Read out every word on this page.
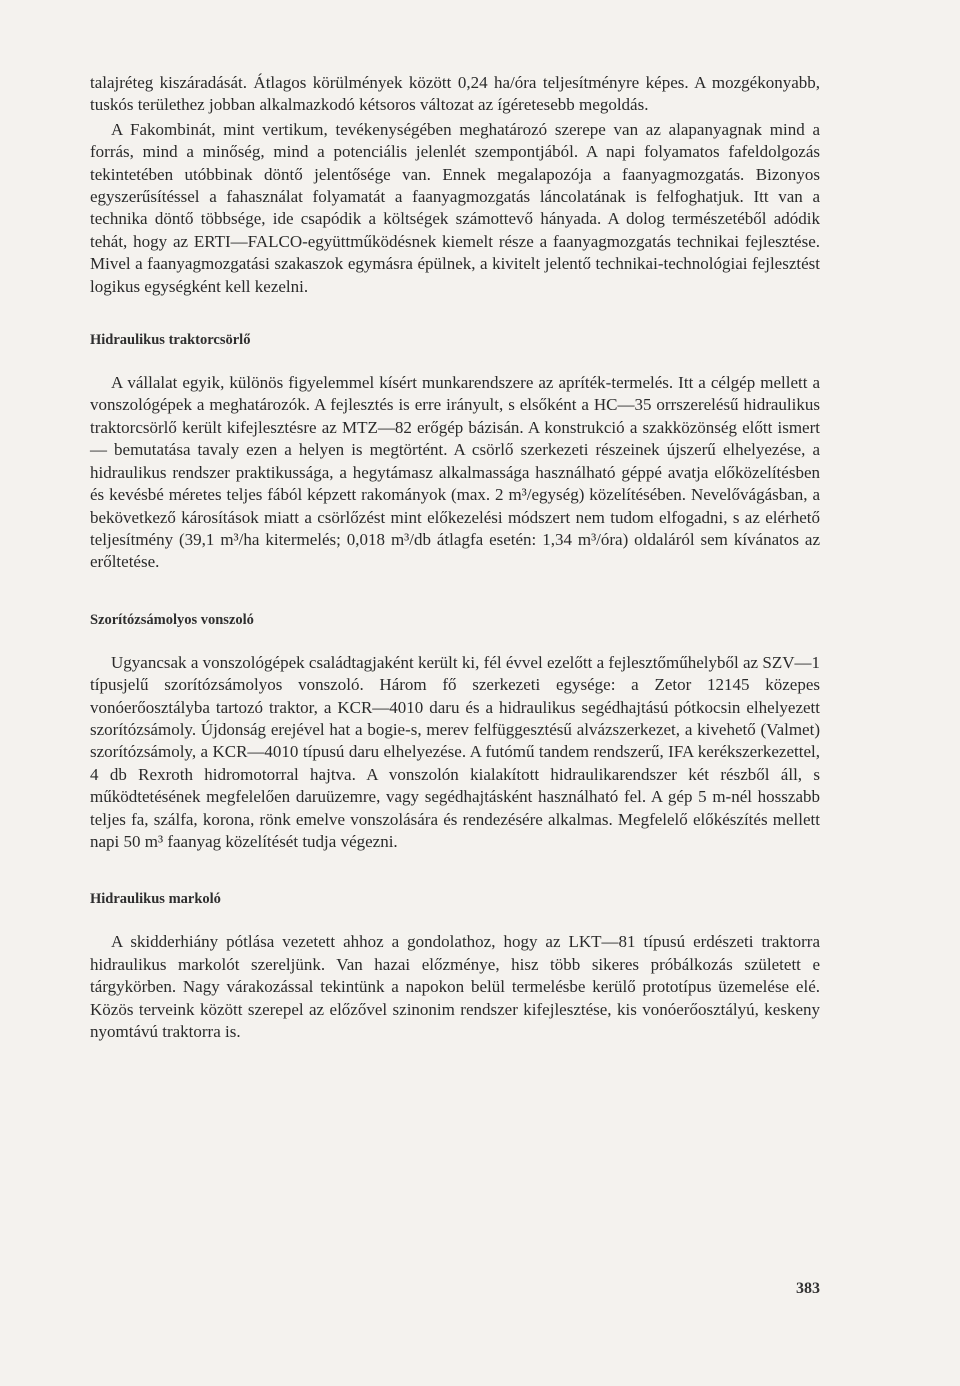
talajréteg kiszáradását. Átlagos körülmények között 0,24 ha/óra teljesítményre képes. A mozgékonyabb, tuskós területhez jobban alkalmazkodó kétsoros változat az ígéretesebb megoldás.

A Fakombinát, mint vertikum, tevékenységében meghatározó szerepe van az alapanyagnak mind a forrás, mind a minőség, mind a potenciális jelenlét szempontjából. A napi folyamatos fafeldolgozás tekintetében utóbbinak döntő jelentősége van. Ennek megalapozója a faanyagmozgatás. Bizonyos egyszerűsítéssel a fahasználat folyamatát a faanyagmozgatás láncolatának is felfoghatjuk. Itt van a technika döntő többsége, ide csapódik a költségek számottevő hányada. A dolog természetéből adódik tehát, hogy az ERTI—FALCO-együttműködésnek kiemelt része a faanyagmozgatás technikai fejlesztése. Mivel a faanyagmozgatási szakaszok egymásra épülnek, a kivitelt jelentő technikai-technológiai fejlesztést logikus egységként kell kezelni.

Hidraulikus traktorcsörlő

A vállalat egyik, különös figyelemmel kísért munkarendszere az apríték-termelés. Itt a célgép mellett a vonszológépek a meghatározók. A fejlesztés is erre irányult, s elsőként a HC—35 orrszerelésű hidraulikus traktorcsörlő került kifejlesztésre az MTZ—82 erőgép bázisán. A konstrukció a szakközönség előtt ismert — bemutatása tavaly ezen a helyen is megtörtént. A csörlő szerkezeti részeinek újszerű elhelyezése, a hidraulikus rendszer praktikussága, a hegytámasz alkalmassága használható géppé avatja előközelítésben és kevésbé méretes teljes fából képzett rakományok (max. 2 m³/egység) közelítésében. Nevelővágásban, a bekövetkező károsítások miatt a csörlőzést mint előkezelési módszert nem tudom elfogadni, s az elérhető teljesítmény (39,1 m³/ha kitermelés; 0,018 m³/db átlagfa esetén: 1,34 m³/óra) oldaláról sem kívánatos az erőltetése.

Szorítózsámolyos vonszoló

Ugyancsak a vonszológépek családtagjaként került ki, fél évvel ezelőtt a fejlesztőműhelyből az SZV—1 típusjelű szorítózsámolyos vonszoló. Három fő szerkezeti egysége: a Zetor 12145 közepes vonóerőosztályba tartozó traktor, a KCR—4010 daru és a hidraulikus segédhajtású pótkocsin elhelyezett szorítózsámoly. Újdonság erejével hat a bogie-s, merev felfüggesztésű alvázszerkezet, a kivehető (Valmet) szorítózsámoly, a KCR—4010 típusú daru elhelyezése. A futómű tandem rendszerű, IFA kerékszerkezettel, 4 db Rexroth hidromotorral hajtva. A vonszolón kialakított hidraulikarendszer két részből áll, s működtetésének megfelelően daruüzemre, vagy segédhajtásként használható fel. A gép 5 m-nél hosszabb teljes fa, szálfa, korona, rönk emelve vonszolására és rendezésére alkalmas. Megfelelő előkészítés mellett napi 50 m³ faanyag közelítését tudja végezni.

Hidraulikus markoló

A skidderhiány pótlása vezetett ahhoz a gondolathoz, hogy az LKT—81 típusú erdészeti traktorra hidraulikus markolót szereljünk. Van hazai előzménye, hisz több sikeres próbálkozás született e tárgykörben. Nagy várakozással tekintünk a napokon belül termelésbe kerülő prototípus üzemelése elé. Közös terveink között szerepel az előzővel szinonim rendszer kifejlesztése, kis vonóerőosztályú, keskeny nyomtávú traktorra is.

383
